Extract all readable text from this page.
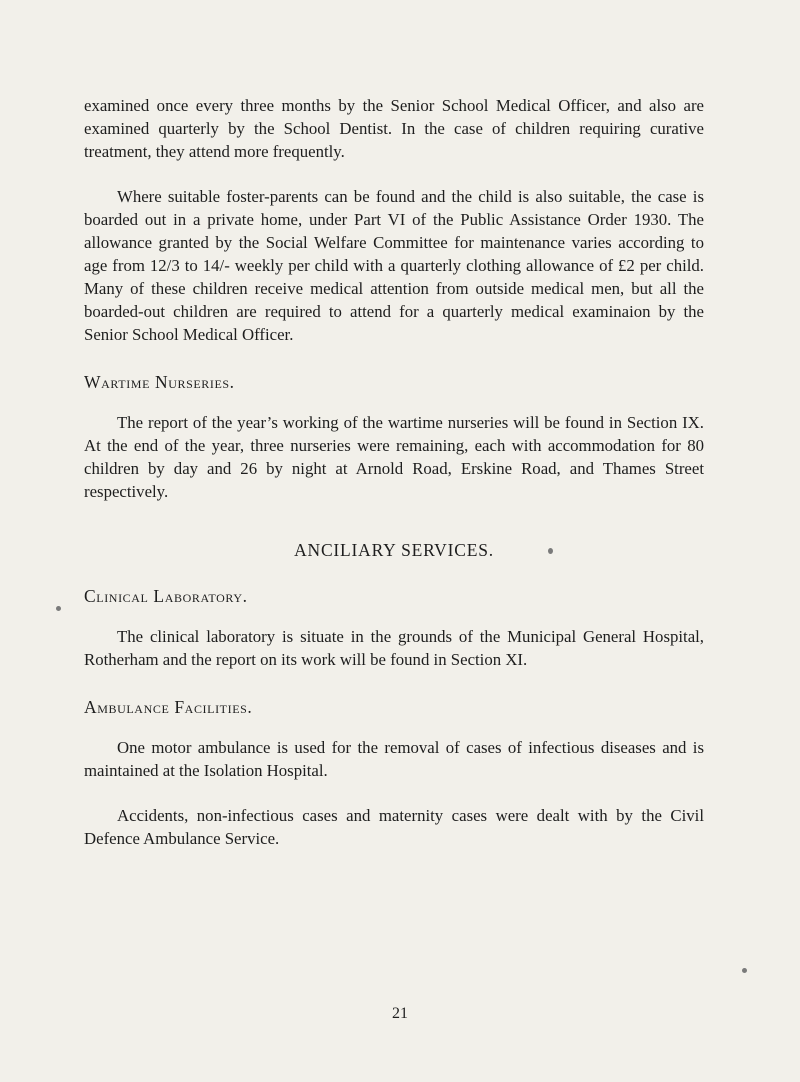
examined once every three months by the Senior School Medical Officer, and also are examined quarterly by the School Dentist. In the case of children requiring curative treatment, they attend more frequently.

Where suitable foster-parents can be found and the child is also suitable, the case is boarded out in a private home, under Part VI of the Public Assistance Order 1930. The allowance granted by the Social Welfare Committee for maintenance varies according to age from 12/3 to 14/- weekly per child with a quarterly clothing allowance of £2 per child. Many of these children receive medical attention from outside medical men, but all the boarded-out children are required to attend for a quarterly medical examinaion by the Senior School Medical Officer.

Wartime Nurseries.

The report of the year’s working of the wartime nurseries will be found in Section IX. At the end of the year, three nurseries were remaining, each with accommodation for 80 children by day and 26 by night at Arnold Road, Erskine Road, and Thames Street respectively.

ANCILIARY SERVICES.

Clinical Laboratory.

The clinical laboratory is situate in the grounds of the Municipal General Hospital, Rotherham and the report on its work will be found in Section XI.

Ambulance Facilities.

One motor ambulance is used for the removal of cases of infectious diseases and is maintained at the Isolation Hospital.

Accidents, non-infectious cases and maternity cases were dealt with by the Civil Defence Ambulance Service.

21
